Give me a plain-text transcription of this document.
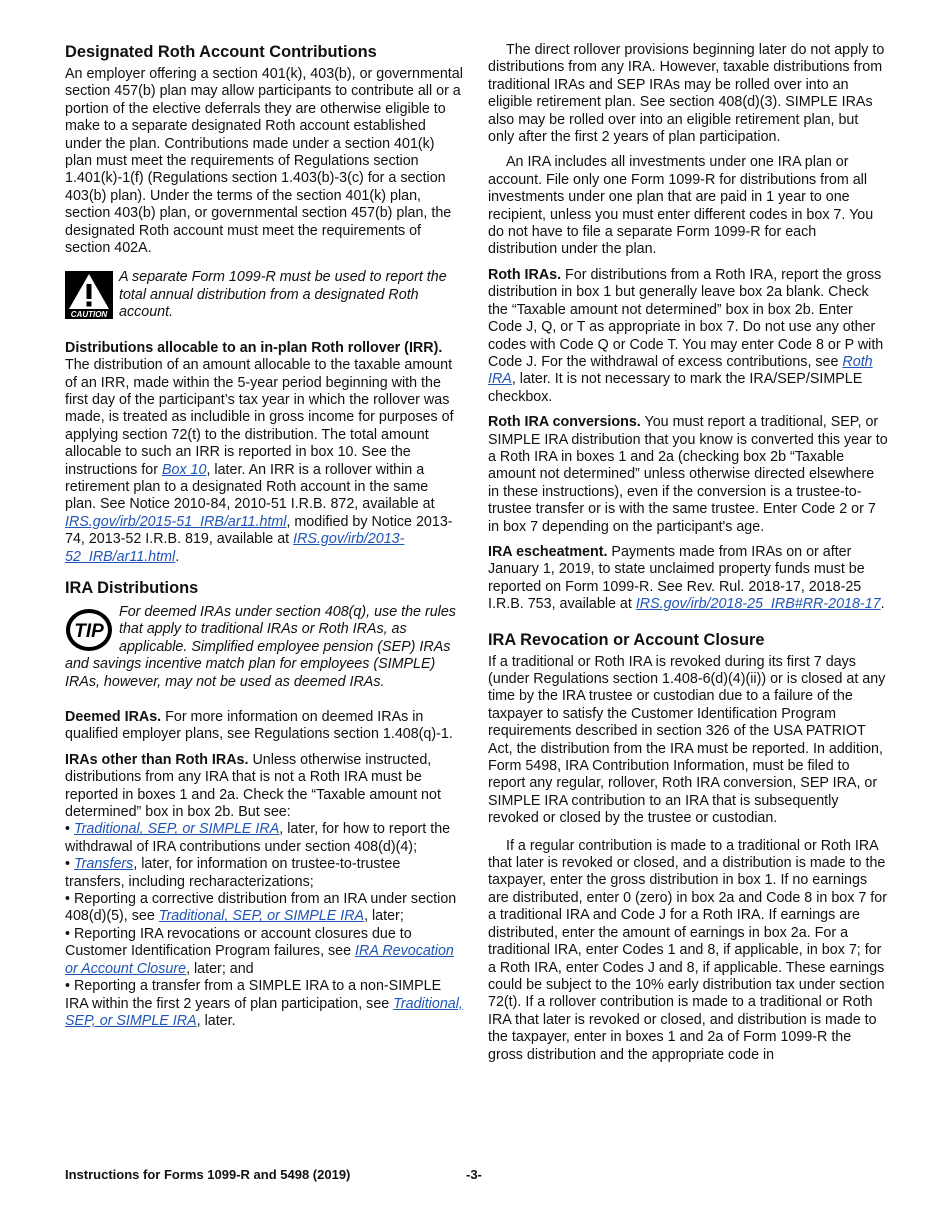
Designated Roth Account Contributions

An employer offering a section 401(k), 403(b), or governmental section 457(b) plan may allow participants to contribute all or a portion of the elective deferrals they are otherwise eligible to make to a separate designated Roth account established under the plan. Contributions made under a section 401(k) plan must meet the requirements of Regulations section 1.401(k)-1(f) (Regulations section 1.403(b)-3(c) for a section 403(b) plan). Under the terms of the section 401(k) plan, section 403(b) plan, or governmental section 457(b) plan, the designated Roth account must meet the requirements of section 402A.

CAUTION
A separate Form 1099-R must be used to report the total annual distribution from a designated Roth account.

Distributions allocable to an in-plan Roth rollover (IRR). The distribution of an amount allocable to the taxable amount of an IRR, made within the 5-year period beginning with the first day of the participant’s tax year in which the rollover was made, is treated as includible in gross income for purposes of applying section 72(t) to the distribution. The total amount allocable to such an IRR is reported in box 10. See the instructions for Box 10, later. An IRR is a rollover within a retirement plan to a designated Roth account in the same plan. See Notice 2010-84, 2010-51 I.R.B. 872, available at IRS.gov/irb/2015-51_IRB/ar11.html, modified by Notice 2013-74, 2013-52 I.R.B. 819, available at IRS.gov/irb/2013-52_IRB/ar11.html.

IRA Distributions
TIP
For deemed IRAs under section 408(q), use the rules that apply to traditional IRAs or Roth IRAs, as applicable. Simplified employee pension (SEP) IRAs and savings incentive match plan for employees (SIMPLE) IRAs, however, may not be used as deemed IRAs.

Deemed IRAs. For more information on deemed IRAs in qualified employer plans, see Regulations section 1.408(q)-1.

IRAs other than Roth IRAs. Unless otherwise instructed, distributions from any IRA that is not a Roth IRA must be reported in boxes 1 and 2a. Check the “Taxable amount not determined” box in box 2b. But see:

• Traditional, SEP, or SIMPLE IRA, later, for how to report the withdrawal of IRA contributions under section 408(d)(4);
• Transfers, later, for information on trustee-to-trustee transfers, including recharacterizations;
• Reporting a corrective distribution from an IRA under section 408(d)(5), see Traditional, SEP, or SIMPLE IRA, later;
• Reporting IRA revocations or account closures due to Customer Identification Program failures, see IRA Revocation or Account Closure, later; and
• Reporting a transfer from a SIMPLE IRA to a non-SIMPLE IRA within the first 2 years of plan participation, see Traditional, SEP, or SIMPLE IRA, later.

The direct rollover provisions beginning later do not apply to distributions from any IRA. However, taxable distributions from traditional IRAs and SEP IRAs may be rolled over into an eligible retirement plan. See section 408(d)(3). SIMPLE IRAs also may be rolled over into an eligible retirement plan, but only after the first 2 years of plan participation.

An IRA includes all investments under one IRA plan or account. File only one Form 1099-R for distributions from all investments under one plan that are paid in 1 year to one recipient, unless you must enter different codes in box 7. You do not have to file a separate Form 1099-R for each distribution under the plan.

Roth IRAs. For distributions from a Roth IRA, report the gross distribution in box 1 but generally leave box 2a blank. Check the “Taxable amount not determined” box in box 2b. Enter Code J, Q, or T as appropriate in box 7. Do not use any other codes with Code Q or Code T. You may enter Code 8 or P with Code J. For the withdrawal of excess contributions, see Roth IRA, later. It is not necessary to mark the IRA/SEP/SIMPLE checkbox.

Roth IRA conversions. You must report a traditional, SEP, or SIMPLE IRA distribution that you know is converted this year to a Roth IRA in boxes 1 and 2a (checking box 2b “Taxable amount not determined” unless otherwise directed elsewhere in these instructions), even if the conversion is a trustee-to-trustee transfer or is with the same trustee. Enter Code 2 or 7 in box 7 depending on the participant's age.

IRA escheatment. Payments made from IRAs on or after January 1, 2019, to state unclaimed property funds must be reported on Form 1099-R. See Rev. Rul. 2018-17, 2018-25 I.R.B. 753, available at IRS.gov/irb/2018-25_IRB#RR-2018-17.

IRA Revocation or Account Closure

If a traditional or Roth IRA is revoked during its first 7 days (under Regulations section 1.408-6(d)(4)(ii)) or is closed at any time by the IRA trustee or custodian due to a failure of the taxpayer to satisfy the Customer Identification Program requirements described in section 326 of the USA PATRIOT Act, the distribution from the IRA must be reported. In addition, Form 5498, IRA Contribution Information, must be filed to report any regular, rollover, Roth IRA conversion, SEP IRA, or SIMPLE IRA contribution to an IRA that is subsequently revoked or closed by the trustee or custodian.

If a regular contribution is made to a traditional or Roth IRA that later is revoked or closed, and a distribution is made to the taxpayer, enter the gross distribution in box 1. If no earnings are distributed, enter 0 (zero) in box 2a and Code 8 in box 7 for a traditional IRA and Code J for a Roth IRA. If earnings are distributed, enter the amount of earnings in box 2a. For a traditional IRA, enter Codes 1 and 8, if applicable, in box 7; for a Roth IRA, enter Codes J and 8, if applicable. These earnings could be subject to the 10% early distribution tax under section 72(t). If a rollover contribution is made to a traditional or Roth IRA that later is revoked or closed, and distribution is made to the taxpayer, enter in boxes 1 and 2a of Form 1099-R the gross distribution and the appropriate code in

Instructions for Forms 1099-R and 5498 (2019)	-3-
